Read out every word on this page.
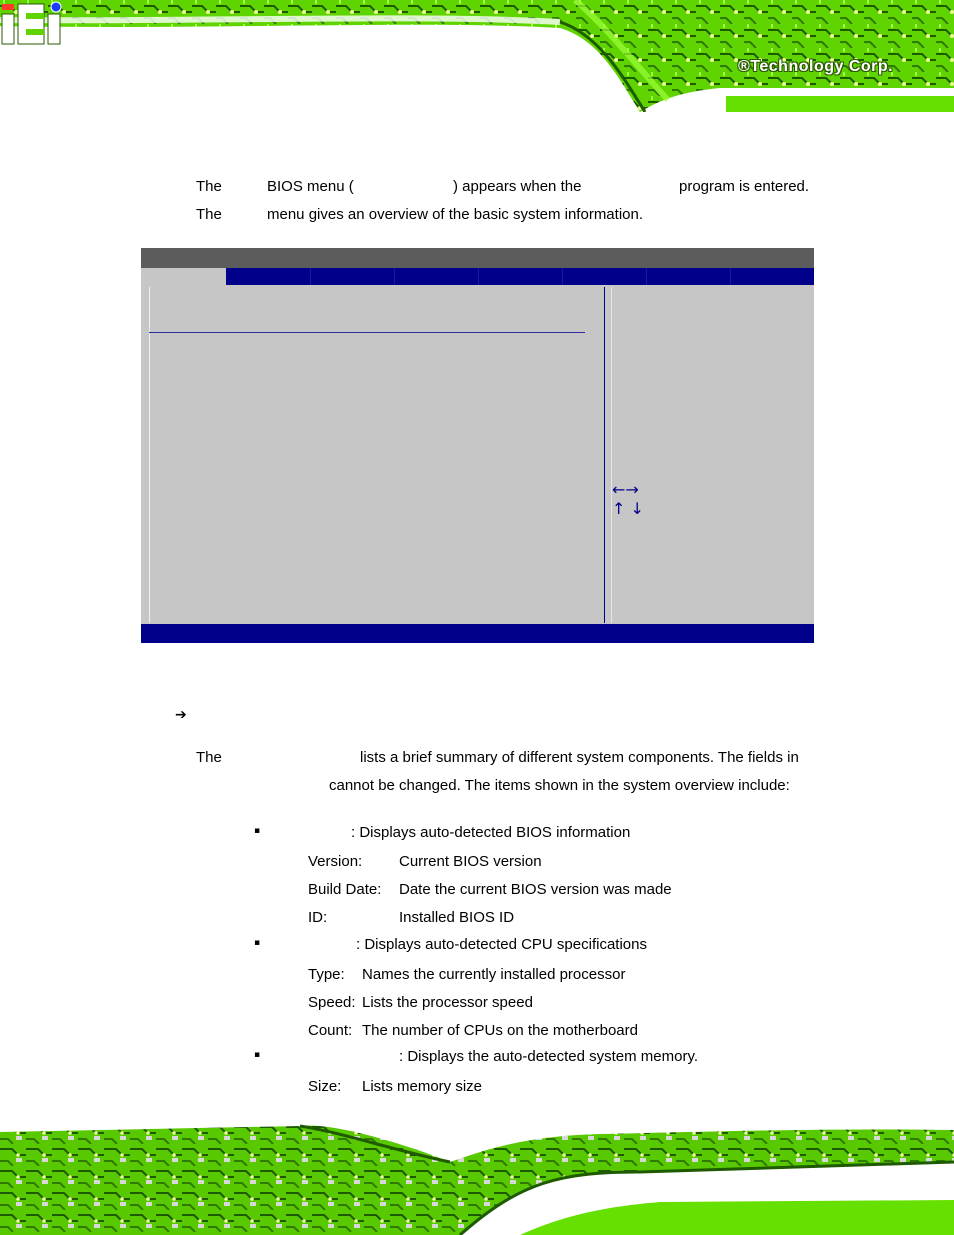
®Technology Corp.
The	BIOS menu (	) appears when the	program is entered.
The	menu gives an overview of the basic system information.
←→
↑ ↓
➔
The	lists a brief summary of different system components. The fields in
cannot be changed. The items shown in the system overview include:
▪	: Displays auto-detected BIOS information
Version: Current BIOS version
Build Date: Date the current BIOS version was made
ID:	Installed BIOS ID
▪	: Displays auto-detected CPU specifications
Type: Names the currently installed processor
Speed: Lists the processor speed
Count: The number of CPUs on the motherboard
▪	: Displays the auto-detected system memory.
Size: Lists memory size
